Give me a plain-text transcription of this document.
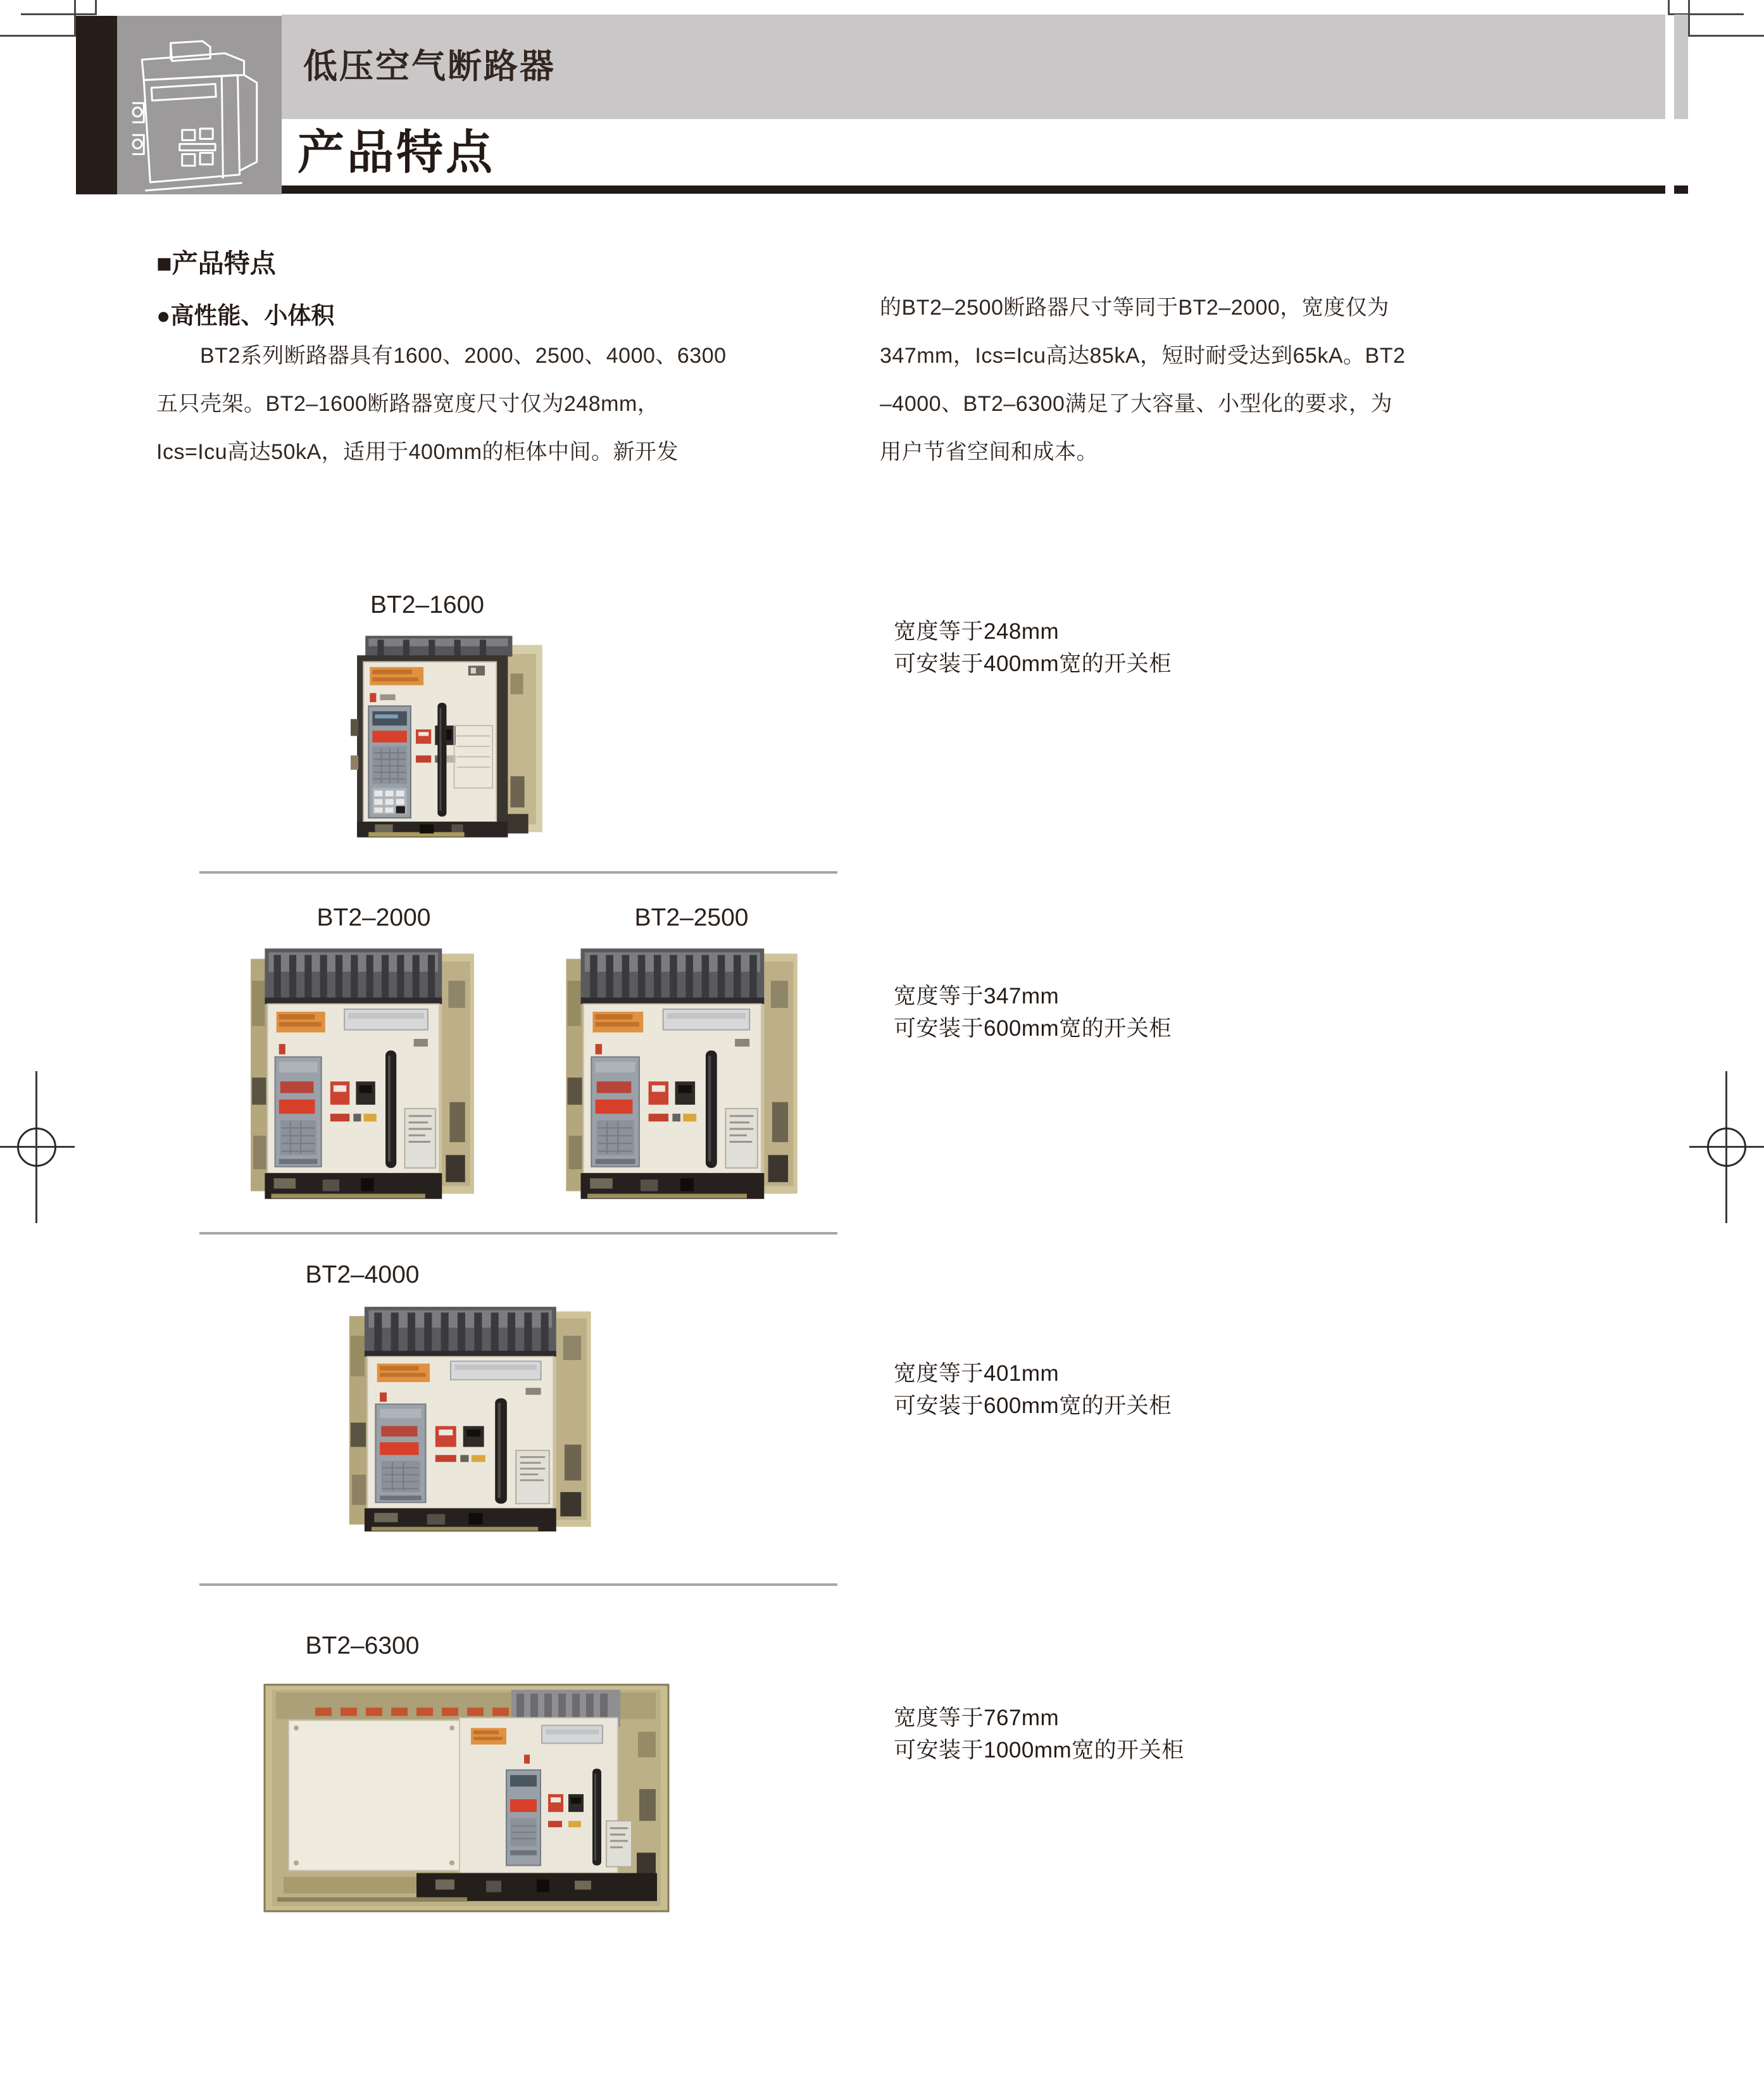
低压空气断路器
产品特点
■产品特点
●高性能、小体积
　　BT2系列断路器具有1600、2000、2500、4000、6300
五只壳架。BT2–1600断路器宽度尺寸仅为248mm，
Ics=Icu高达50kA，适用于400mm的柜体中间。新开发
的BT2–2500断路器尺寸等同于BT2–2000，宽度仅为
347mm，Ics=Icu高达85kA，短时耐受达到65kA。BT2
–4000、BT2–6300满足了大容量、小型化的要求，为
用户节省空间和成本。
BT2–1600
宽度等于248mm
可安装于400mm宽的开关柜
BT2–2000	BT2–2500
宽度等于347mm
可安装于600mm宽的开关柜
BT2–4000
宽度等于401mm
可安装于600mm宽的开关柜
BT2–6300
宽度等于767mm
可安装于1000mm宽的开关柜
